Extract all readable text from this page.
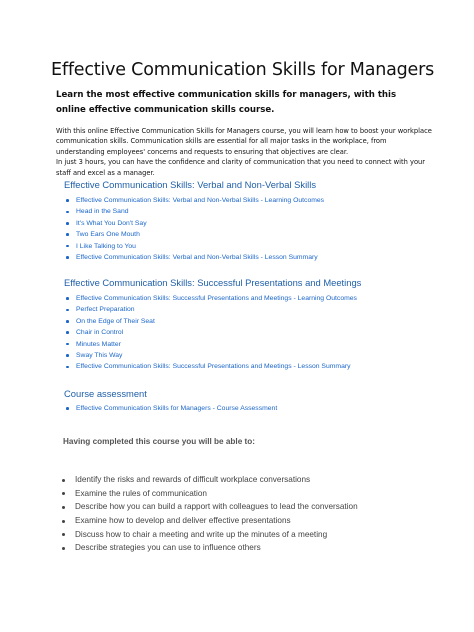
Effective Communication Skills for Managers
Learn the most effective communication skills for managers, with this online effective communication skills course.

With this online Effective Communication Skills for Managers course, you will learn how to boost your workplace communication skills. Communication skills are essential for all major tasks in the workplace, from understanding employees' concerns and requests to ensuring that objectives are clear.

In just 3 hours, you can have the confidence and clarity of communication that you need to connect with your staff and excel as a manager.

Effective Communication Skills: Verbal and Non-Verbal Skills
Effective Communication Skills: Verbal and Non-Verbal Skills - Learning Outcomes
Head in the Sand
It's What You Don't Say
Two Ears One Mouth
I Like Talking to You
Effective Communication Skills: Verbal and Non-Verbal Skills - Lesson Summary
Effective Communication Skills: Successful Presentations and Meetings
Effective Communication Skills: Successful Presentations and Meetings - Learning Outcomes
Perfect Preparation
On the Edge of Their Seat
Chair in Control
Minutes Matter
Sway This Way
Effective Communication Skills: Successful Presentations and Meetings - Lesson Summary
Course assessment
Effective Communication Skills for Managers - Course Assessment
Having completed this course you will be able to:
Identify the risks and rewards of difficult workplace conversations
Examine the rules of communication
Describe how you can build a rapport with colleagues to lead the conversation
Examine how to develop and deliver effective presentations
Discuss how to chair a meeting and write up the minutes of a meeting
Describe strategies you can use to influence others
